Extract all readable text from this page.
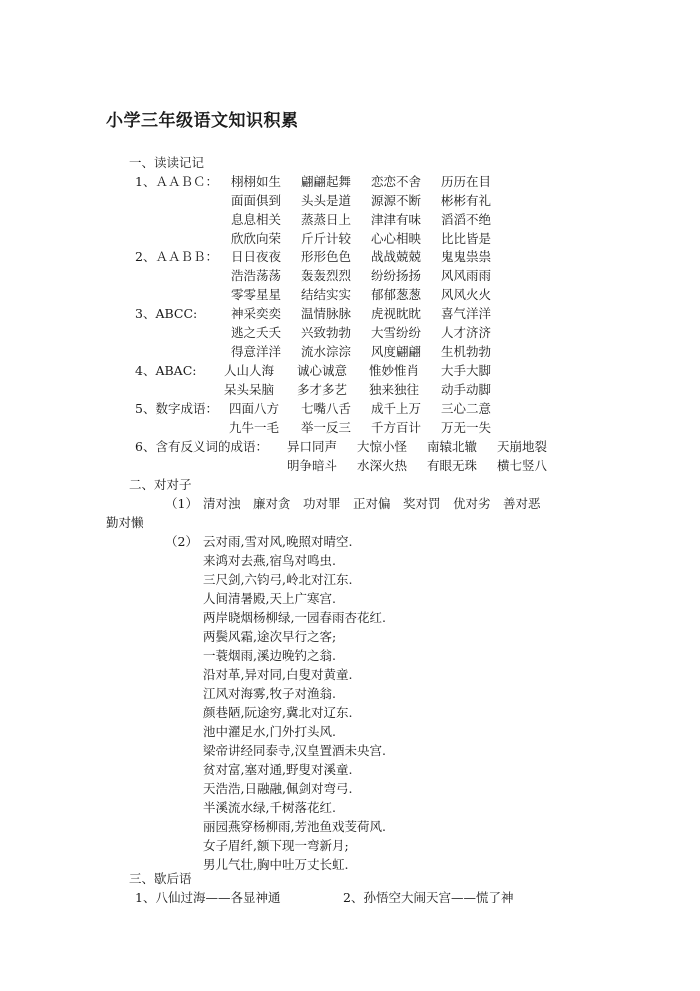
小学三年级语文知识积累
一、读读记记
1、ＡＡＢＣ：
2、ＡＡＢＢ：
3、ABCC:
4、ABAC:
5、数字成语：
6、含有反义词的成语：
二、对对子
（1） 清对浊　廉对贪　功对罪　正对偏　奖对罚　优对劣　善对恶
勤对懒
（2）
三、歇后语
1、八仙过海——各显神通	2、孙悟空大闹天宫——慌了神
栩栩如生 翩翩起舞 恋恋不舍 历历在目
面面俱到 头头是道 源源不断 彬彬有礼
息息相关 蒸蒸日上 津津有味 滔滔不绝
欣欣向荣 斤斤计较 心心相映 比比皆是
日日夜夜 形形色色 战战兢兢 鬼鬼祟祟
浩浩荡荡 轰轰烈烈 纷纷扬扬 风风雨雨
零零星星 结结实实 郁郁葱葱 风风火火
神采奕奕 温情脉脉 虎视眈眈 喜气洋洋
逃之夭夭 兴致勃勃 大雪纷纷 人才济济
得意洋洋 流水淙淙 风度翩翩 生机勃勃
人山人海 诚心诚意 惟妙惟肖 大手大脚
呆头呆脑 多才多艺 独来独往 动手动脚
四面八方 七嘴八舌 成千上万 三心二意
九牛一毛 举一反三 千方百计 万无一失
异口同声 大惊小怪 南辕北辙 天崩地裂
明争暗斗 水深火热 有眼无珠 横七竖八
云对雨,雪对风,晚照对晴空.
来鸿对去燕,宿鸟对鸣虫.
三尺剑,六钧弓,岭北对江东.
人间清暑殿,天上广寒宫.
两岸晓烟杨柳绿,一园春雨杏花红.
两鬓风霜,途次早行之客;
一蓑烟雨,溪边晚钓之翁.
沿对革,异对同,白叟对黄童.
江风对海雾,牧子对渔翁.
颜巷陋,阮途穷,冀北对辽东.
池中濯足水,门外打头风.
梁帝讲经同泰寺,汉皇置酒未央宫.
贫对富,塞对通,野叟对溪童.
天浩浩,日融融,佩剑对弯弓.
半溪流水绿,千树落花红.
丽园燕穿杨柳雨,芳池鱼戏芰荷风.
女子眉纤,额下现一弯新月;
男儿气壮,胸中吐万丈长虹.
